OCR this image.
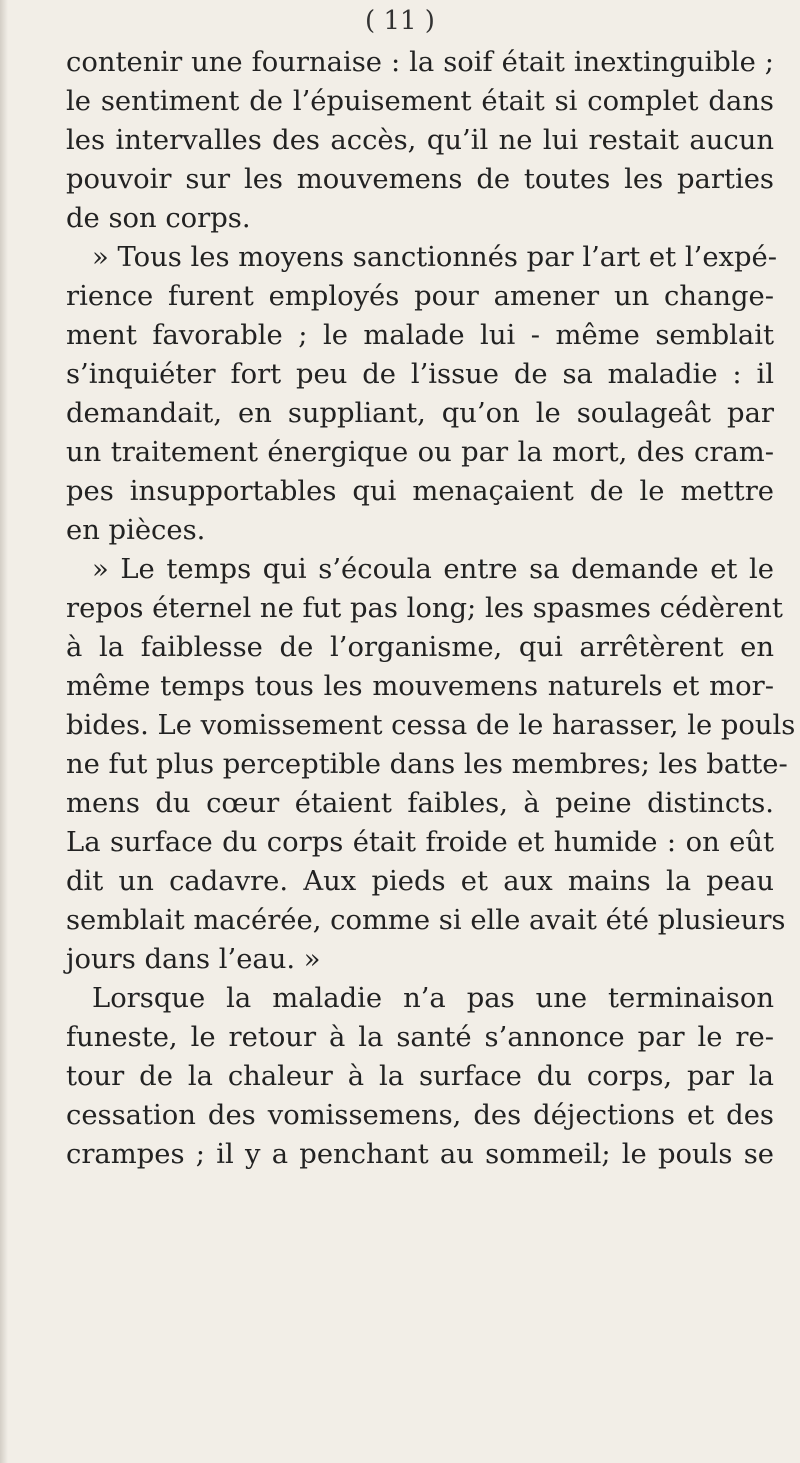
( 11 )
contenir une fournaise : la soif était inextinguible ;
le sentiment de l’épuisement était si complet dans
les intervalles des accès, qu’il ne lui restait aucun
pouvoir sur les mouvemens de toutes les parties
de son corps.
» Tous les moyens sanctionnés par l’art et l’expé-
rience furent employés pour amener un change-
ment favorable ; le malade lui - même semblait
s’inquiéter fort peu de l’issue de sa maladie : il
demandait, en suppliant, qu’on le soulageât par
un traitement énergique ou par la mort, des cram-
pes insupportables qui menaçaient de le mettre
en pièces.
» Le temps qui s’écoula entre sa demande et le
repos éternel ne fut pas long; les spasmes cédèrent
à la faiblesse de l’organisme, qui arrêtèrent en
même temps tous les mouvemens naturels et mor-
bides. Le vomissement cessa de le harasser, le pouls
ne fut plus perceptible dans les membres; les batte-
mens du cœur étaient faibles, à peine distincts.
La surface du corps était froide et humide : on eût
dit un cadavre. Aux pieds et aux mains la peau
semblait macérée, comme si elle avait été plusieurs
jours dans l’eau. »
Lorsque la maladie n’a pas une terminaison
funeste, le retour à la santé s’annonce par le re-
tour de la chaleur à la surface du corps, par la
cessation des vomissemens, des déjections et des
crampes ; il y a penchant au sommeil; le pouls se
